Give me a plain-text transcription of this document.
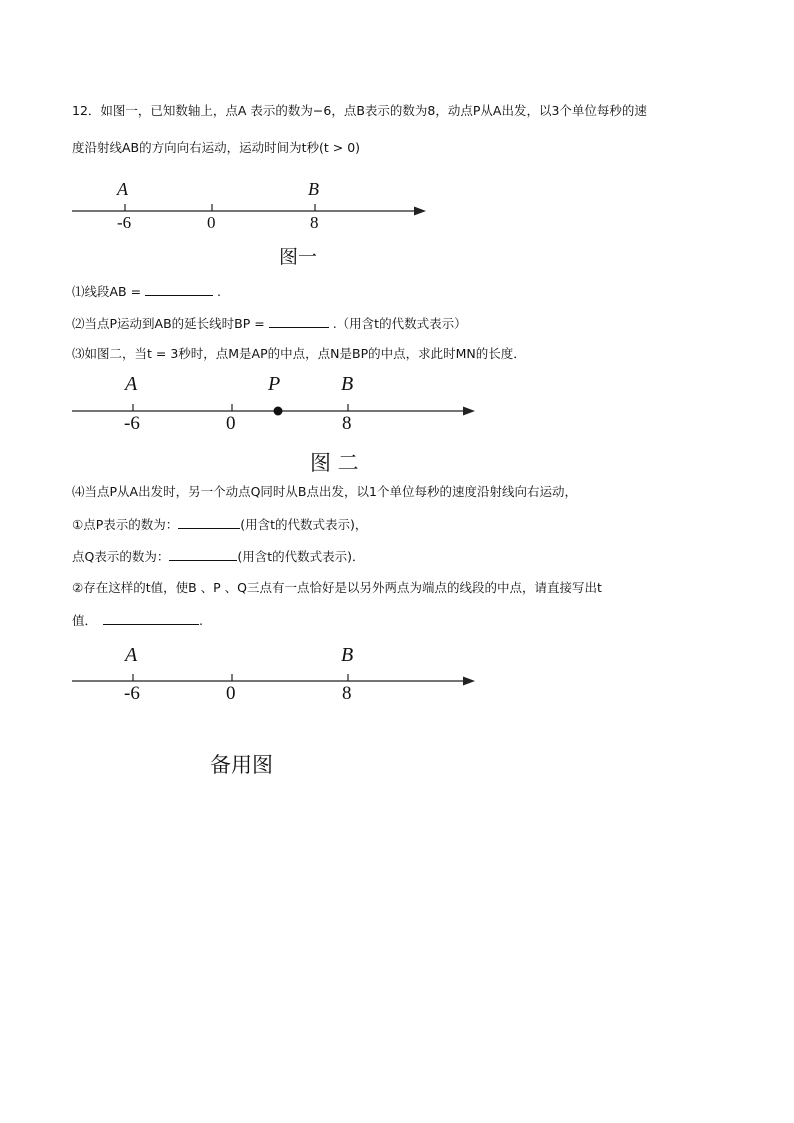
12．如图一，已知数轴上，点A 表示的数为−6，点B表示的数为8，动点P从A出发，以3个单位每秒的速
度沿射线AB的方向向右运动，运动时间为t秒(t > 0)
A	B
-6	0	8
图一
⑴线段AB =	.
⑵当点P运动到AB的延长线时BP =	.（用含t的代数式表示）
⑶如图二，当t = 3秒时，点M是AP的中点，点N是BP的中点，求此时MN的长度．
A	P	B
-6	0	8
图 二
⑷当点P从A出发时，另一个动点Q同时从B点出发，以1个单位每秒的速度沿射线向右运动，
①点P表示的数为：	(用含t的代数式表示)，
点Q表示的数为：	(用含t的代数式表示)．
②存在这样的t值，使B 、P 、Q三点有一点恰好是以另外两点为端点的线段的中点，请直接写出t
值．	.
A	B
-6	0	8
备用图
